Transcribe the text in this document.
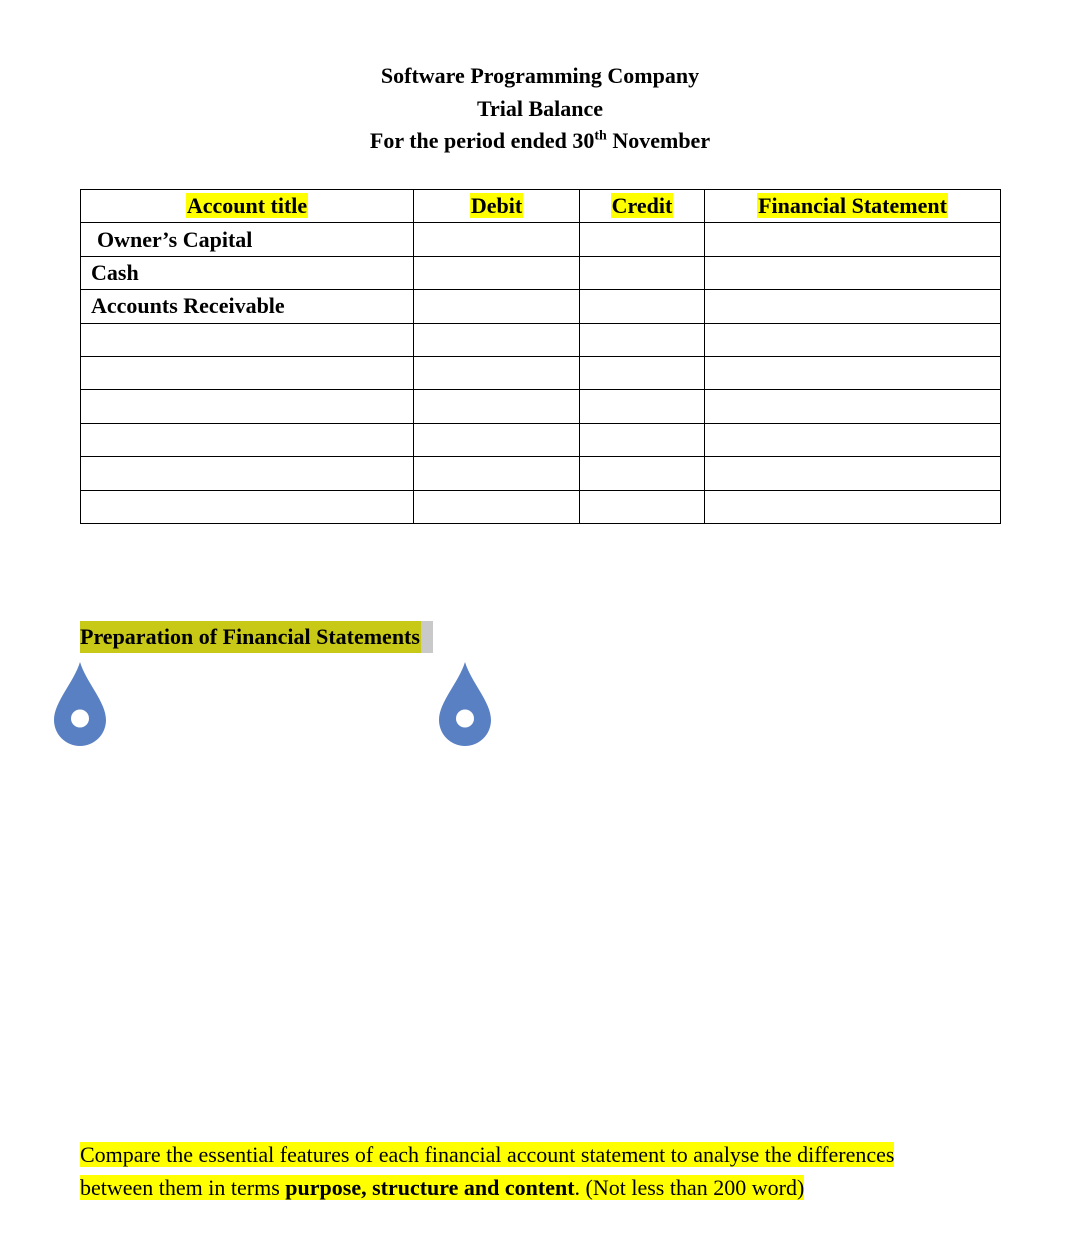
Software Programming Company
Trial Balance
For the period ended 30th November
Account title	Debit	Credit	Financial Statement
Owner’s Capital			
Cash			
Accounts Receivable			

Preparation of Financial Statements
Compare the essential features of each financial account statement to analyse the differences
between them in terms purpose, structure and content. (Not less than 200 word)
